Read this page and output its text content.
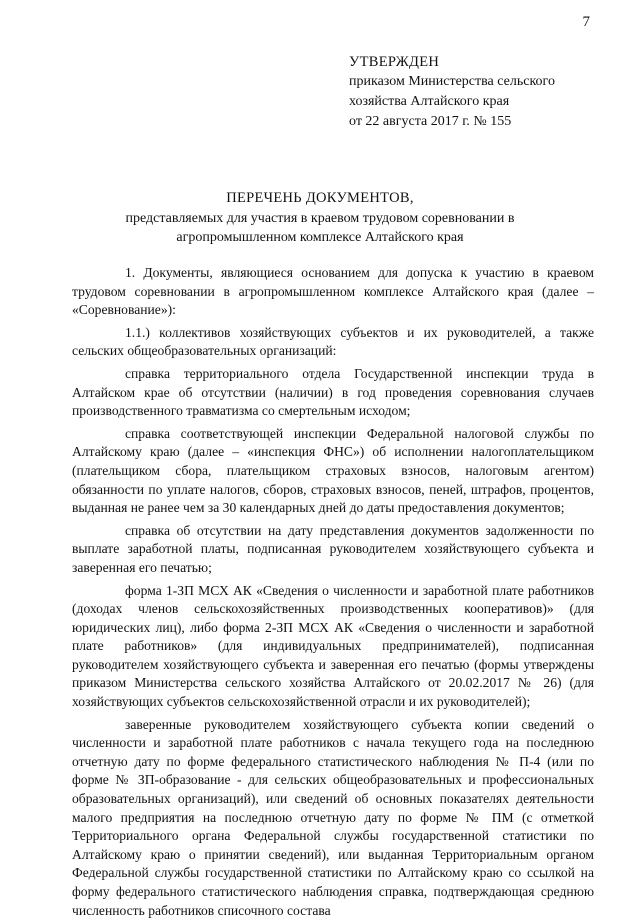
7
УТВЕРЖДЕН
приказом Министерства сельского
хозяйства Алтайского края
от 22 августа 2017 г. № 155
ПЕРЕЧЕНЬ ДОКУМЕНТОВ,
представляемых для участия в краевом трудовом соревновании в
агропромышленном комплексе Алтайского края

1. Документы, являющиеся основанием для допуска к участию в краевом трудовом соревновании в агропромышленном комплексе Алтайского края (далее – «Соревнование»):

1.1.) коллективов хозяйствующих субъектов и их руководителей, а также сельских общеобразовательных организаций:

справка территориального отдела Государственной инспекции труда в Алтайском крае об отсутствии (наличии) в год проведения соревнования случаев производственного травматизма со смертельным исходом;

справка соответствующей инспекции Федеральной налоговой службы по Алтайскому краю (далее – «инспекция ФНС») об исполнении налогоплательщиком (плательщиком сбора, плательщиком страховых взносов, налоговым агентом) обязанности по уплате налогов, сборов, страховых взносов, пеней, штрафов, процентов, выданная не ранее чем за 30 календарных дней до даты предоставления документов;

справка об отсутствии на дату представления документов задолженности по выплате заработной платы, подписанная руководителем хозяйствующего субъекта и заверенная его печатью;

форма 1-ЗП МСХ АК «Сведения о численности и заработной плате работников (доходах членов сельскохозяйственных производственных кооперативов)» (для юридических лиц), либо форма 2-ЗП МСХ АК «Сведения о численности и заработной плате работников» (для индивидуальных предпринимателей), подписанная руководителем хозяйствующего субъекта и заверенная его печатью (формы утверждены приказом Министерства сельского хозяйства Алтайского от 20.02.2017 № 26) (для хозяйствующих субъектов сельскохозяйственной отрасли и их руководителей);

заверенные руководителем хозяйствующего субъекта копии сведений о численности и заработной плате работников с начала текущего года на последнюю отчетную дату по форме федерального статистического наблюдения № П-4 (или по форме № ЗП-образование - для сельских общеобразовательных и профессиональных образовательных организаций), или сведений об основных показателях деятельности малого предприятия на последнюю отчетную дату по форме № ПМ (с отметкой Территориального органа Федеральной службы государственной статистики по Алтайскому краю о принятии сведений), или выданная Территориальным органом Федеральной службы государственной статистики по Алтайскому краю со ссылкой на форму федерального статистического наблюдения справка, подтверждающая среднюю численность работников списочного состава
